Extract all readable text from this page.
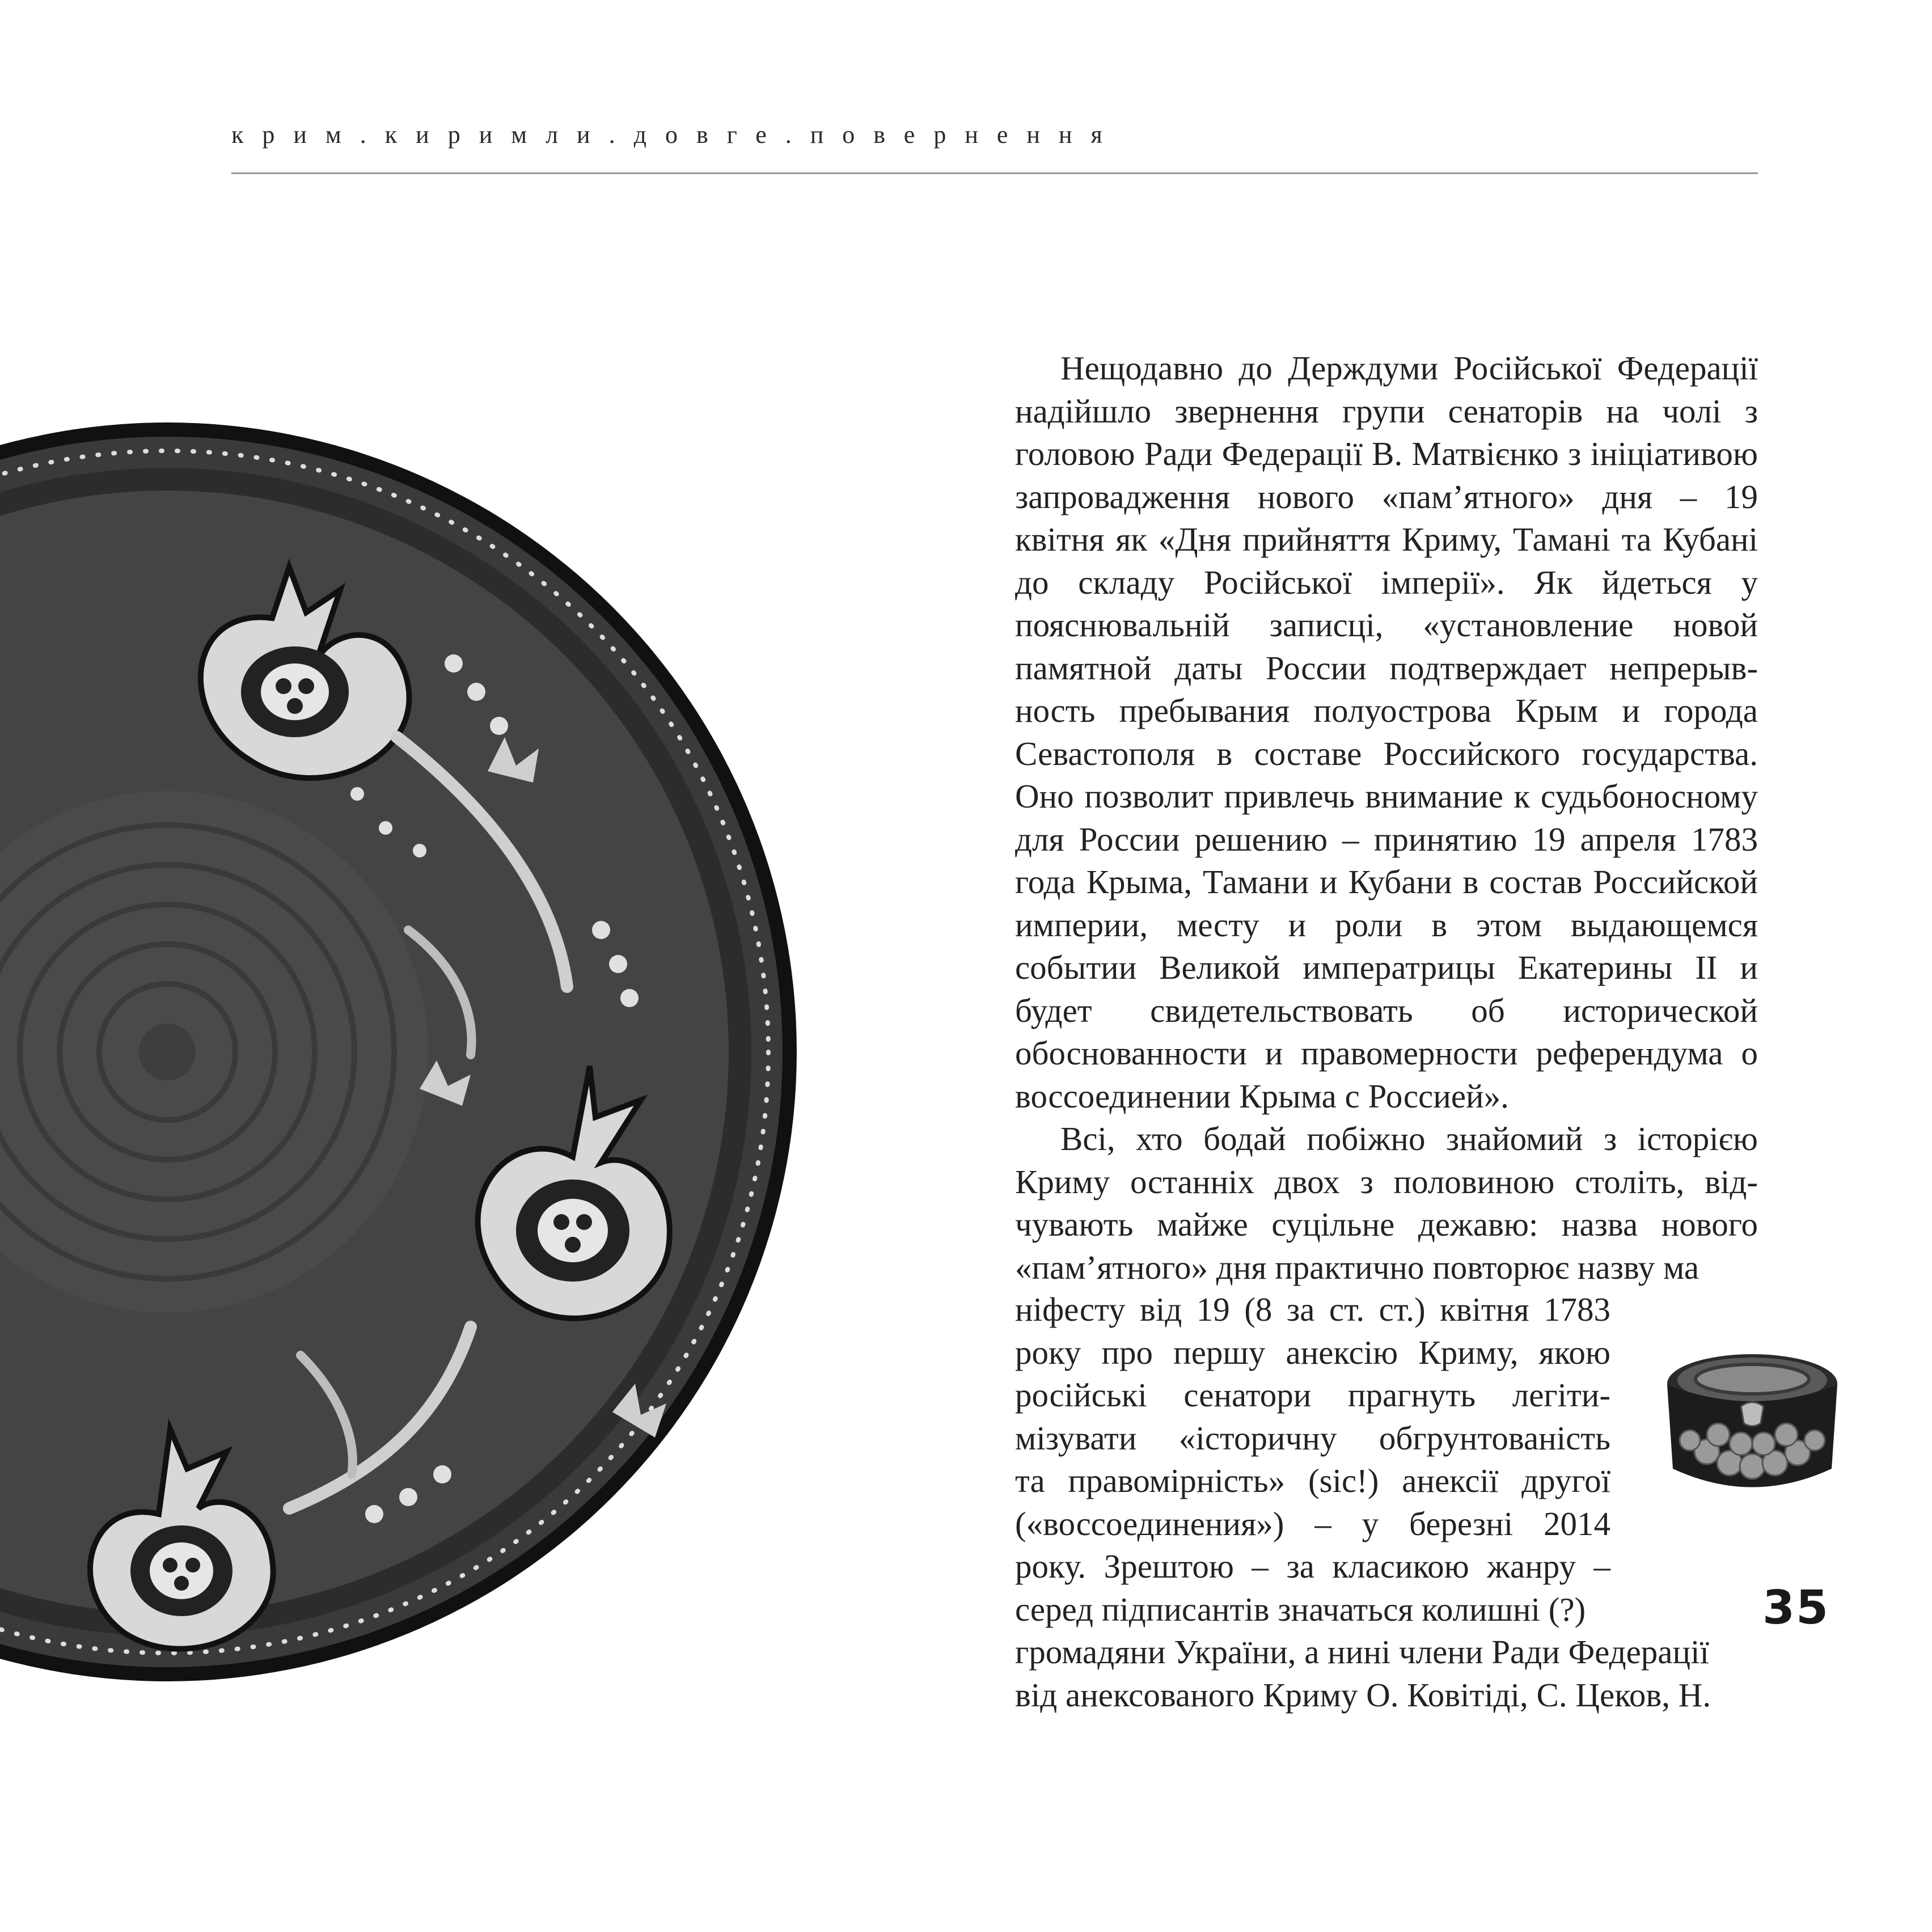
крим.киримли.довге.повернення

Нещодавно до Держдуми Російської Федерації надійшло звернення групи сенаторів на чолі з головою Ради Федерації В. Матвієнко з ініціативою запровадження нового «пам’ятного» дня – 19 квітня як «Дня прийняття Криму, Тамані та Кубані до складу Російської імперії». Як йдеться у пояснювальній записці, «установление новой памятной даты России подтверждает непрерывность пребывания полуострова Крым и города Севастополя в составе Российского государства. Оно позволит привлечь внимание к судьбоносному для России решению – принятию 19 апреля 1783 года Крыма, Тамани и Кубани в состав Российской империи, месту и роли в этом выдающемся событии Великой императрицы Екатерины II и будет свидетельствовать об исторической обоснованности и правомерности референдума о воссоединении Крыма с Россией».

Всі, хто бодай побіжно знайомий з історією Криму останніх двох з половиною століть, відчувають майже суцільне дежавю: назва нового «пам’ятного» дня практично повторює назву ма

ніфесту від 19 (8 за ст. ст.) квітня 1783
року про першу анексію Криму, якою
російські сенатори прагнуть легіти-
мізувати «історичну обгрунтованість
та правомірність» (sic!) анексії другої
(«воссоединения») – у березні 2014
року. Зрештою – за класикою жанру –
серед підписантів значаться колишні (?)
громадяни України, а нині члени Ради Федерації
від анексованого Криму О. Ковітіді, С. Цеков, Н.
35
